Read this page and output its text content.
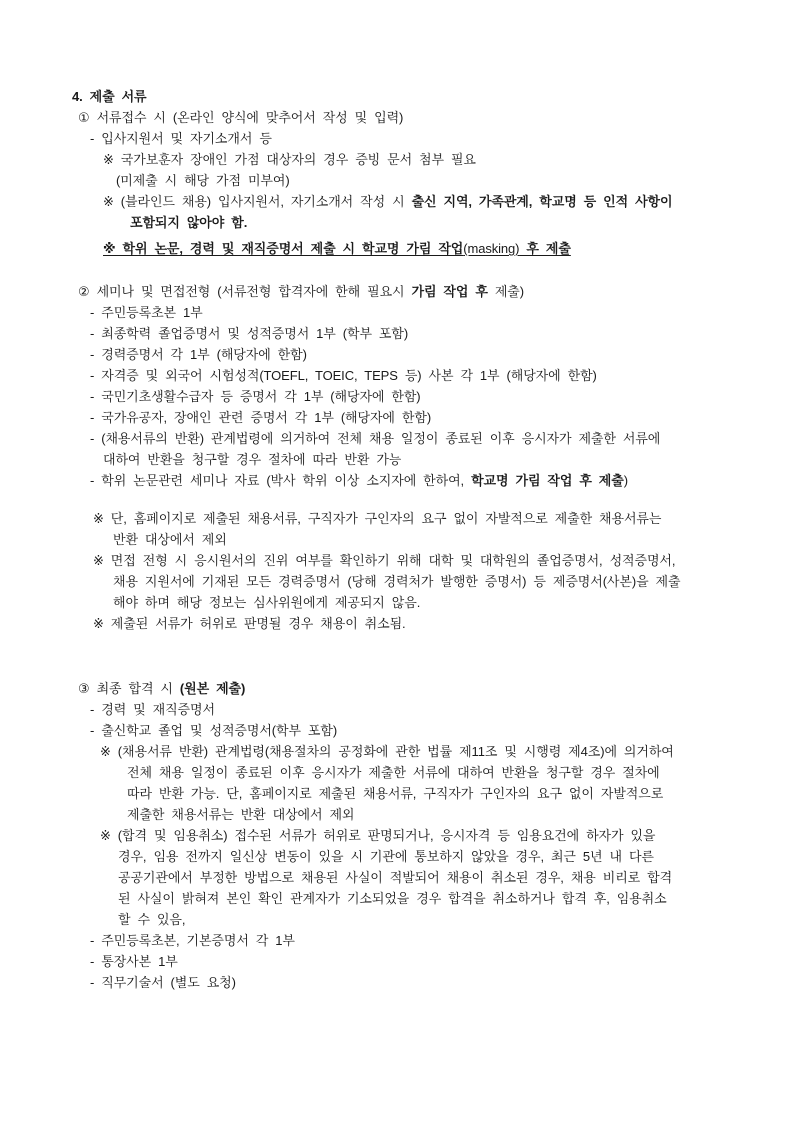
4. 제출 서류
① 서류접수 시 (온라인 양식에 맞추어서 작성 및 입력)
- 입사지원서 및 자기소개서 등
※ 국가보훈자 장애인 가점 대상자의 경우 증빙 문서 첨부 필요
(미제출 시 해당 가점 미부여)
※ (블라인드 채용) 입사지원서, 자기소개서 작성 시 출신 지역, 가족관계, 학교명 등 인적 사항이
포함되지 않아야 함.
※ 학위 논문, 경력 및 재직증명서 제출 시 학교명 가림 작업(masking) 후 제출
② 세미나 및 면접전형 (서류전형 합격자에 한해 필요시 가림 작업 후 제출)
- 주민등록초본 1부
- 최종학력 졸업증명서 및 성적증명서 1부 (학부 포함)
- 경력증명서 각 1부 (해당자에 한함)
- 자격증 및 외국어 시험성적(TOEFL, TOEIC, TEPS 등) 사본 각 1부 (해당자에 한함)
- 국민기초생활수급자 등 증명서 각 1부 (해당자에 한함)
- 국가유공자, 장애인 관련 증명서 각 1부 (해당자에 한함)
- (채용서류의 반환) 관계법령에 의거하여 전체 채용 일정이 종료된 이후 응시자가 제출한 서류에
대하여 반환을 청구할 경우 절차에 따라 반환 가능
- 학위 논문관련 세미나 자료 (박사 학위 이상 소지자에 한하여, 학교명 가림 작업 후 제출)
※ 단, 홈페이지로 제출된 채용서류, 구직자가 구인자의 요구 없이 자발적으로 제출한 채용서류는
반환 대상에서 제외
※ 면접 전형 시 응시원서의 진위 여부를 확인하기 위해 대학 및 대학원의 졸업증명서, 성적증명서,
채용 지원서에 기재된 모든 경력증명서 (당해 경력처가 발행한 증명서) 등 제증명서(사본)을 제출
해야 하며 해당 정보는 심사위원에게 제공되지 않음.
※ 제출된 서류가 허위로 판명될 경우 채용이 취소됨.
③ 최종 합격 시 (원본 제출)
- 경력 및 재직증명서
- 출신학교 졸업 및 성적증명서(학부 포함)
※ (채용서류 반환) 관계법령(채용절차의 공정화에 관한 법률 제11조 및 시행령 제4조)에 의거하여
전체 채용 일정이 종료된 이후 응시자가 제출한 서류에 대하여 반환을 청구할 경우 절차에
따라 반환 가능. 단, 홈페이지로 제출된 채용서류, 구직자가 구인자의 요구 없이 자발적으로
제출한 채용서류는 반환 대상에서 제외
※ (합격 및 임용취소) 접수된 서류가 허위로 판명되거나, 응시자격 등 임용요건에 하자가 있을
경우, 임용 전까지 일신상 변동이 있을 시 기관에 통보하지 않았을 경우, 최근 5년 내 다른
공공기관에서 부정한 방법으로 채용된 사실이 적발되어 채용이 취소된 경우, 채용 비리로 합격
된 사실이 밝혀져 본인 확인 관계자가 기소되었을 경우 합격을 취소하거나 합격 후, 임용취소
할 수 있음,
- 주민등록초본, 기본증명서 각 1부
- 통장사본 1부
- 직무기술서 (별도 요청)
